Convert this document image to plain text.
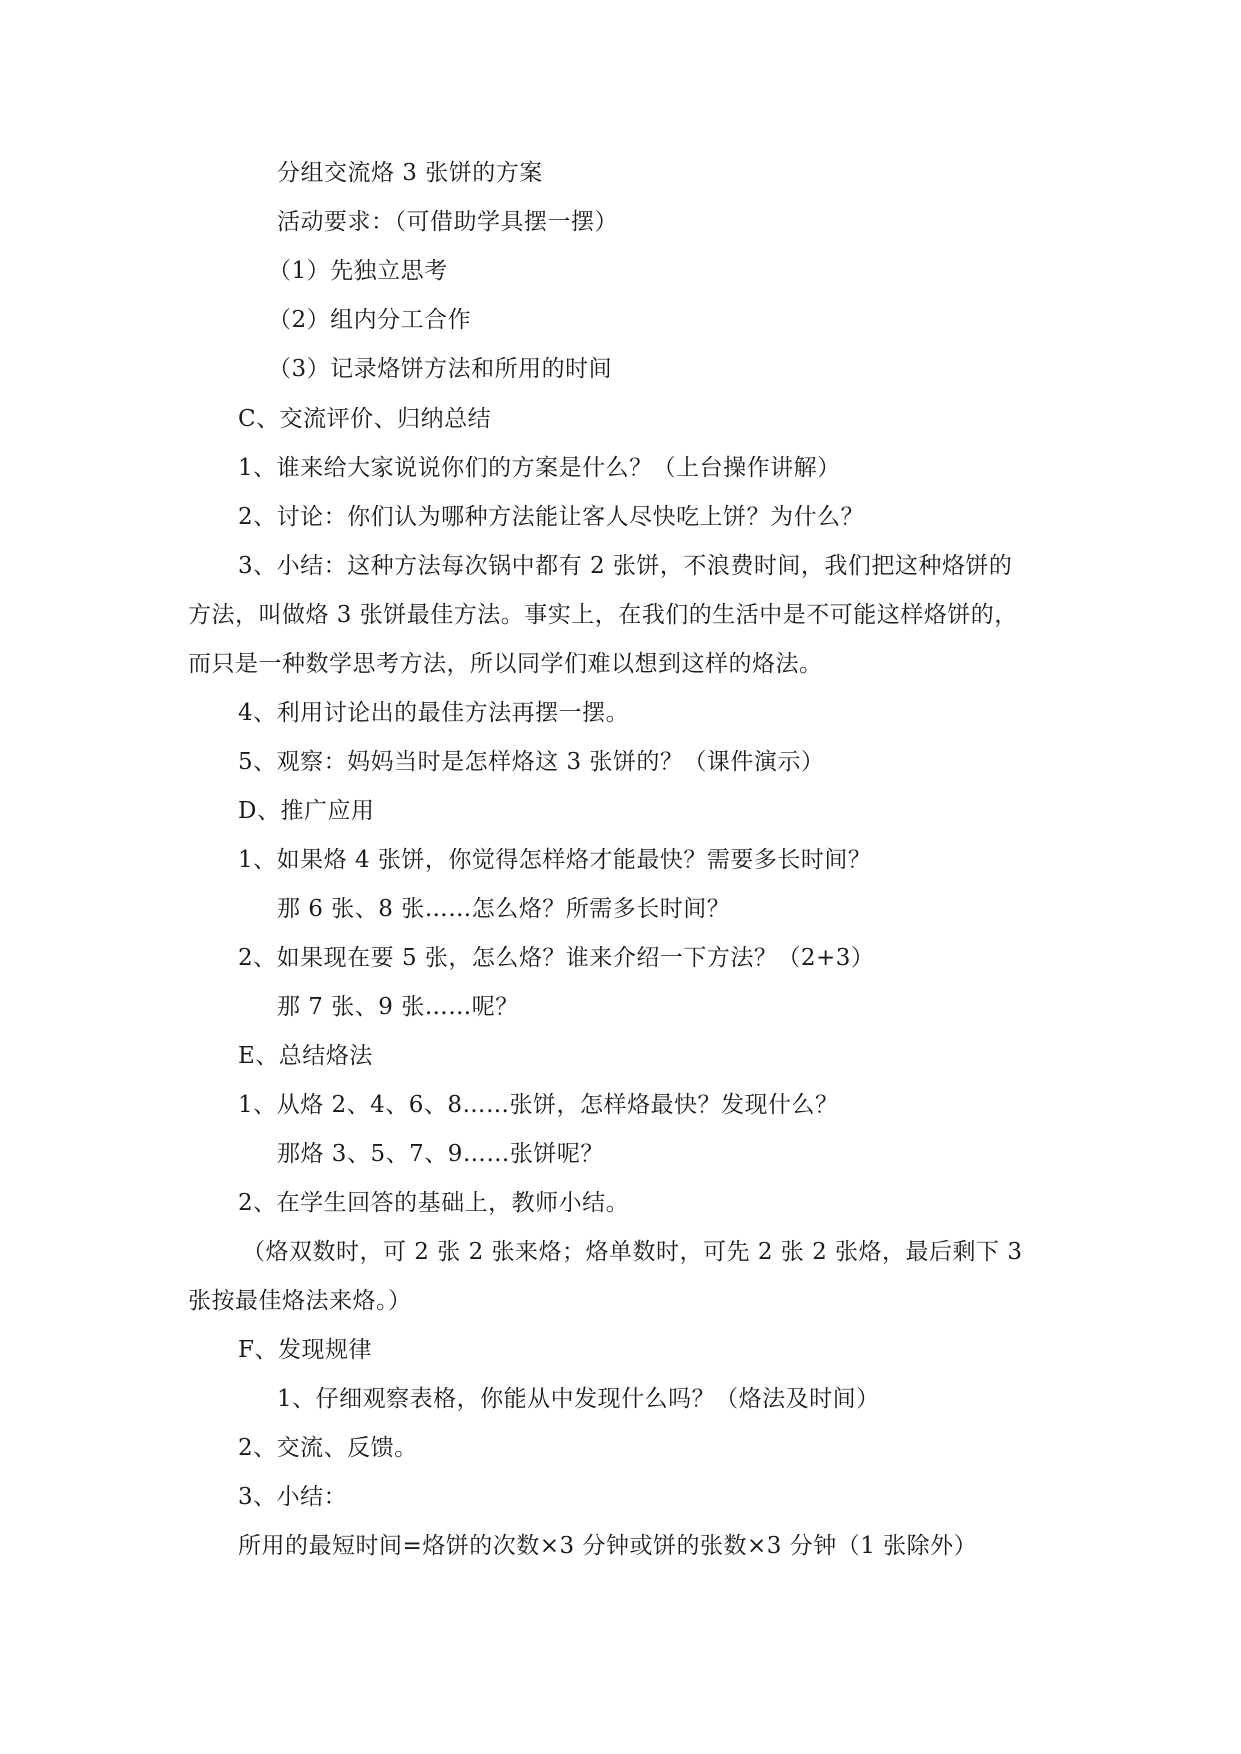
分组交流烙 3 张饼的方案
活动要求：（可借助学具摆一摆）
（1）先独立思考
（2）组内分工合作
（3）记录烙饼方法和所用的时间
C、交流评价、归纳总结
1、谁来给大家说说你们的方案是什么？（上台操作讲解）
2、讨论：你们认为哪种方法能让客人尽快吃上饼？为什么？
3、小结：这种方法每次锅中都有 2 张饼，不浪费时间，我们把这种烙饼的
方法，叫做烙 3 张饼最佳方法。事实上，在我们的生活中是不可能这样烙饼的，
而只是一种数学思考方法，所以同学们难以想到这样的烙法。
4、利用讨论出的最佳方法再摆一摆。
5、观察：妈妈当时是怎样烙这 3 张饼的？（课件演示）
D、推广应用
1、如果烙 4 张饼，你觉得怎样烙才能最快？需要多长时间？
那 6 张、8 张……怎么烙？所需多长时间？
2、如果现在要 5 张，怎么烙？谁来介绍一下方法？（2+3）
那 7 张、9 张……呢？
E、总结烙法
1、从烙 2、4、6、8……张饼，怎样烙最快？发现什么？
那烙 3、5、7、9……张饼呢？
2、在学生回答的基础上，教师小结。
（烙双数时，可 2 张 2 张来烙；烙单数时，可先 2 张 2 张烙，最后剩下 3
张按最佳烙法来烙。）
F、发现规律
1、仔细观察表格，你能从中发现什么吗？（烙法及时间）
2、交流、反馈。
3、小结：
所用的最短时间=烙饼的次数×3 分钟或饼的张数×3 分钟（1 张除外）
